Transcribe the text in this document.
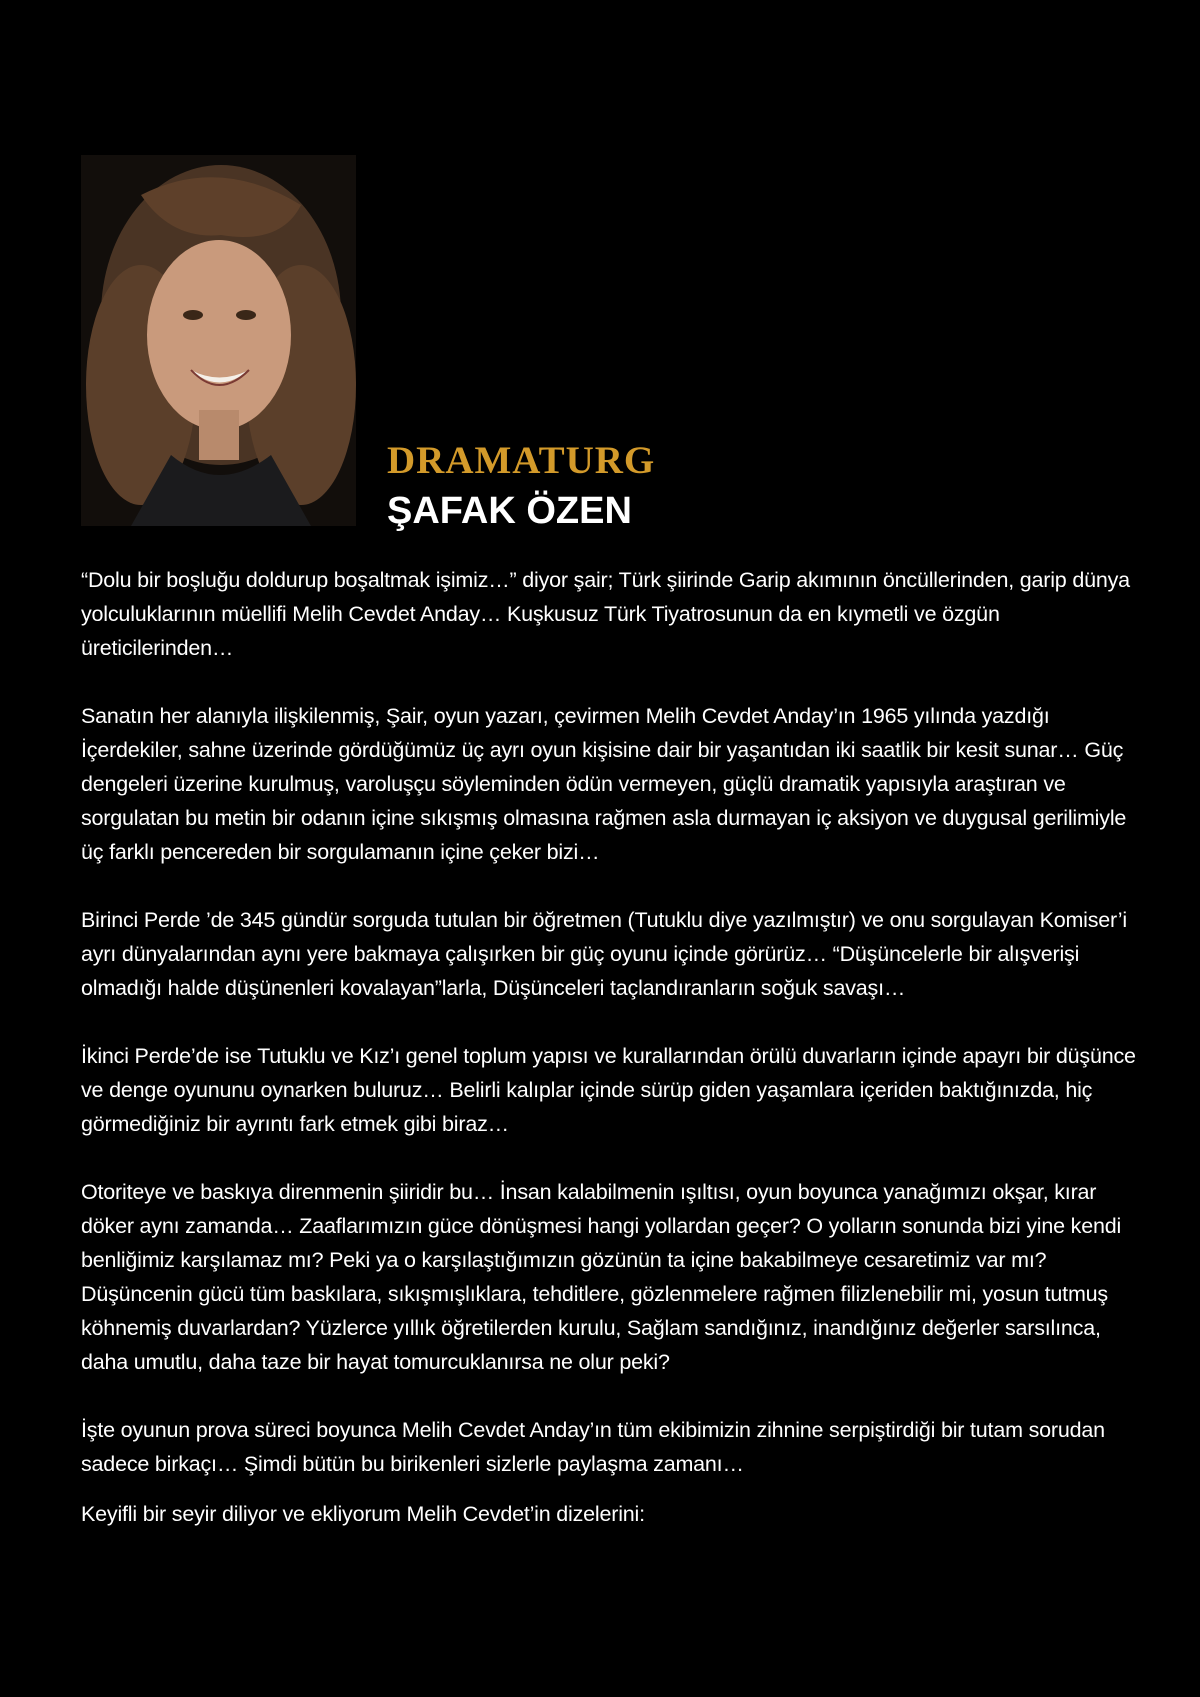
DRAMATURG
ŞAFAK ÖZEN

“Dolu bir boşluğu doldurup boşaltmak işimiz…” diyor şair; Türk şiirinde Garip akımının öncüllerinden, garip dünya yolculuklarının müellifi Melih Cevdet Anday… Kuşkusuz Türk Tiyatrosunun da en kıymetli ve özgün üreticilerinden…

Sanatın her alanıyla ilişkilenmiş, Şair, oyun yazarı, çevirmen Melih Cevdet Anday’ın 1965 yılında yazdığı İçerdekiler, sahne üzerinde gördüğümüz üç ayrı oyun kişisine dair bir yaşantıdan iki saatlik bir kesit sunar… Güç dengeleri üzerine kurulmuş, varoluşçu söyleminden ödün vermeyen, güçlü dramatik yapısıyla araştıran ve sorgulatan bu metin bir odanın içine sıkışmış olmasına rağmen asla durmayan iç aksiyon ve duygusal gerilimiyle üç farklı pencereden bir sorgulamanın içine çeker bizi…

Birinci Perde ’de 345 gündür sorguda tutulan bir öğretmen (Tutuklu diye yazılmıştır) ve onu sorgulayan Komiser’i ayrı dünyalarından aynı yere bakmaya çalışırken bir güç oyunu içinde görürüz… “Düşüncelerle bir alışverişi olmadığı halde düşünenleri kovalayan”larla, Düşünceleri taçlandıranların soğuk savaşı…

İkinci Perde’de ise Tutuklu ve Kız’ı genel toplum yapısı ve kurallarından örülü duvarların içinde apayrı bir düşünce ve denge oyununu oynarken buluruz… Belirli kalıplar içinde sürüp giden yaşamlara içeriden baktığınızda, hiç görmediğiniz bir ayrıntı fark etmek gibi biraz…

Otoriteye ve baskıya direnmenin şiiridir bu… İnsan kalabilmenin ışıltısı, oyun boyunca yanağımızı okşar, kırar döker aynı zamanda… Zaaflarımızın güce dönüşmesi hangi yollardan geçer? O yolların sonunda bizi yine kendi benliğimiz karşılamaz mı? Peki ya o karşılaştığımızın gözünün ta içine bakabilmeye cesaretimiz var mı? Düşüncenin gücü tüm baskılara, sıkışmışlıklara, tehditlere, gözlenmelere rağmen filizlenebilir mi, yosun tutmuş köhnemiş duvarlardan? Yüzlerce yıllık öğretilerden kurulu, Sağlam sandığınız, inandığınız değerler sarsılınca, daha umutlu, daha taze bir hayat tomurcuklanırsa ne olur peki?

İşte oyunun prova süreci boyunca Melih Cevdet Anday’ın tüm ekibimizin zihnine serpiştirdiği bir tutam sorudan sadece birkaçı… Şimdi bütün bu birikenleri sizlerle paylaşma zamanı…

Keyifli bir seyir diliyor ve ekliyorum Melih Cevdet’in dizelerini:
